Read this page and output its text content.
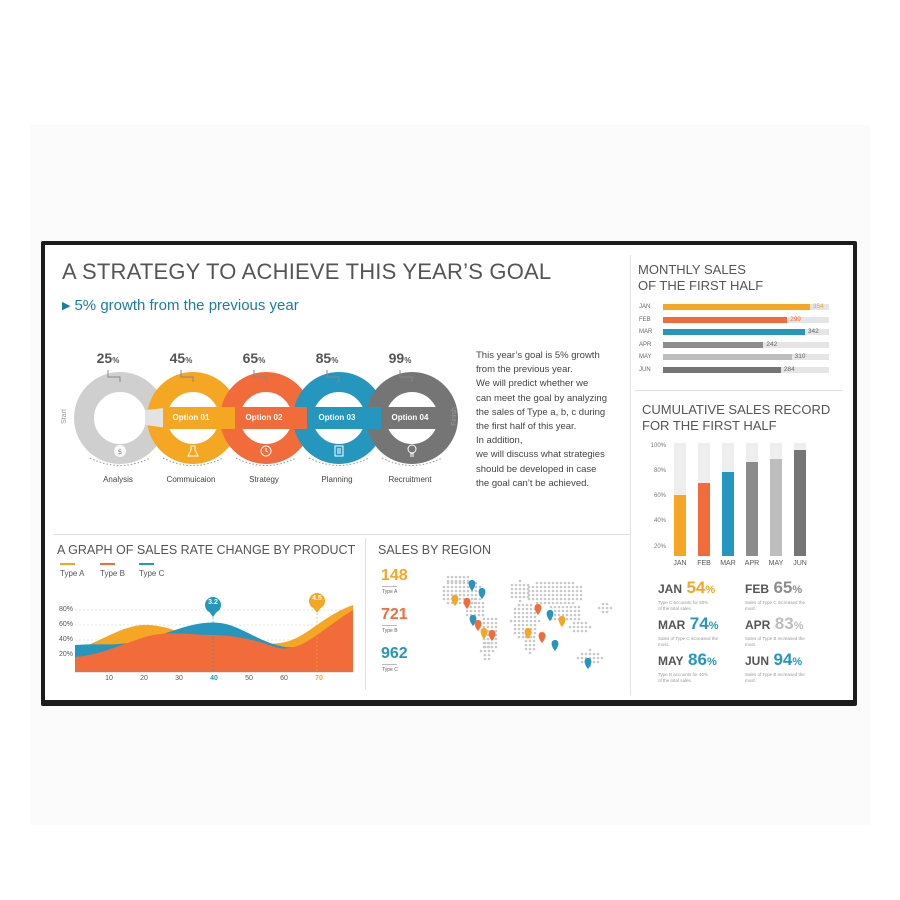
A STRATEGY TO ACHIEVE THIS YEAR’S GOAL
▶ 5% growth from the previous year
$
Start	Finish
25%	45%	65%	85%	99%
Option 01	Option 02	Option 03	Option 04
Analysis	Commuicaion	Strategy	Planning	Recruitment
This year’s goal is 5% growth
from the previous year.
We will predict whether we
can meet the goal by analyzing
the sales of Type a, b, c during
the first half of this year.
In addition,
we will discuss what strategies
should be developed in case
the goal can’t be achieved.
MONTHLY SALES
OF THE FIRST HALF
JAN	354
FEB	299
MAR	342
APR	242
MAY	310
JUN	284
CUMULATIVE SALES RECORD
FOR THE FIRST HALF
100%
80%
60%
40%
20%
JAN	FEB	MAR	APR	MAY	JUN
JAN 54%
Type C accounts for 50%
of the total sales.
FEB 65%
Sales of Type C increased the most.
MAR 74%
Sales of Type C increased the most.
APR 83%
Sales of Type B increased the most.
MAY 86%
Type B accounts for 40%
of the total sales.
JUN 94%
Sales of Type B increased the most.
A GRAPH OF SALES RATE CHANGE BY PRODUCT
Type A Type B Type C
80%
60%
40%
20%
3.2
4.5
10	20	30	40	50	60	70
SALES BY REGION
148
Type A
721
Type B
962
Type C
